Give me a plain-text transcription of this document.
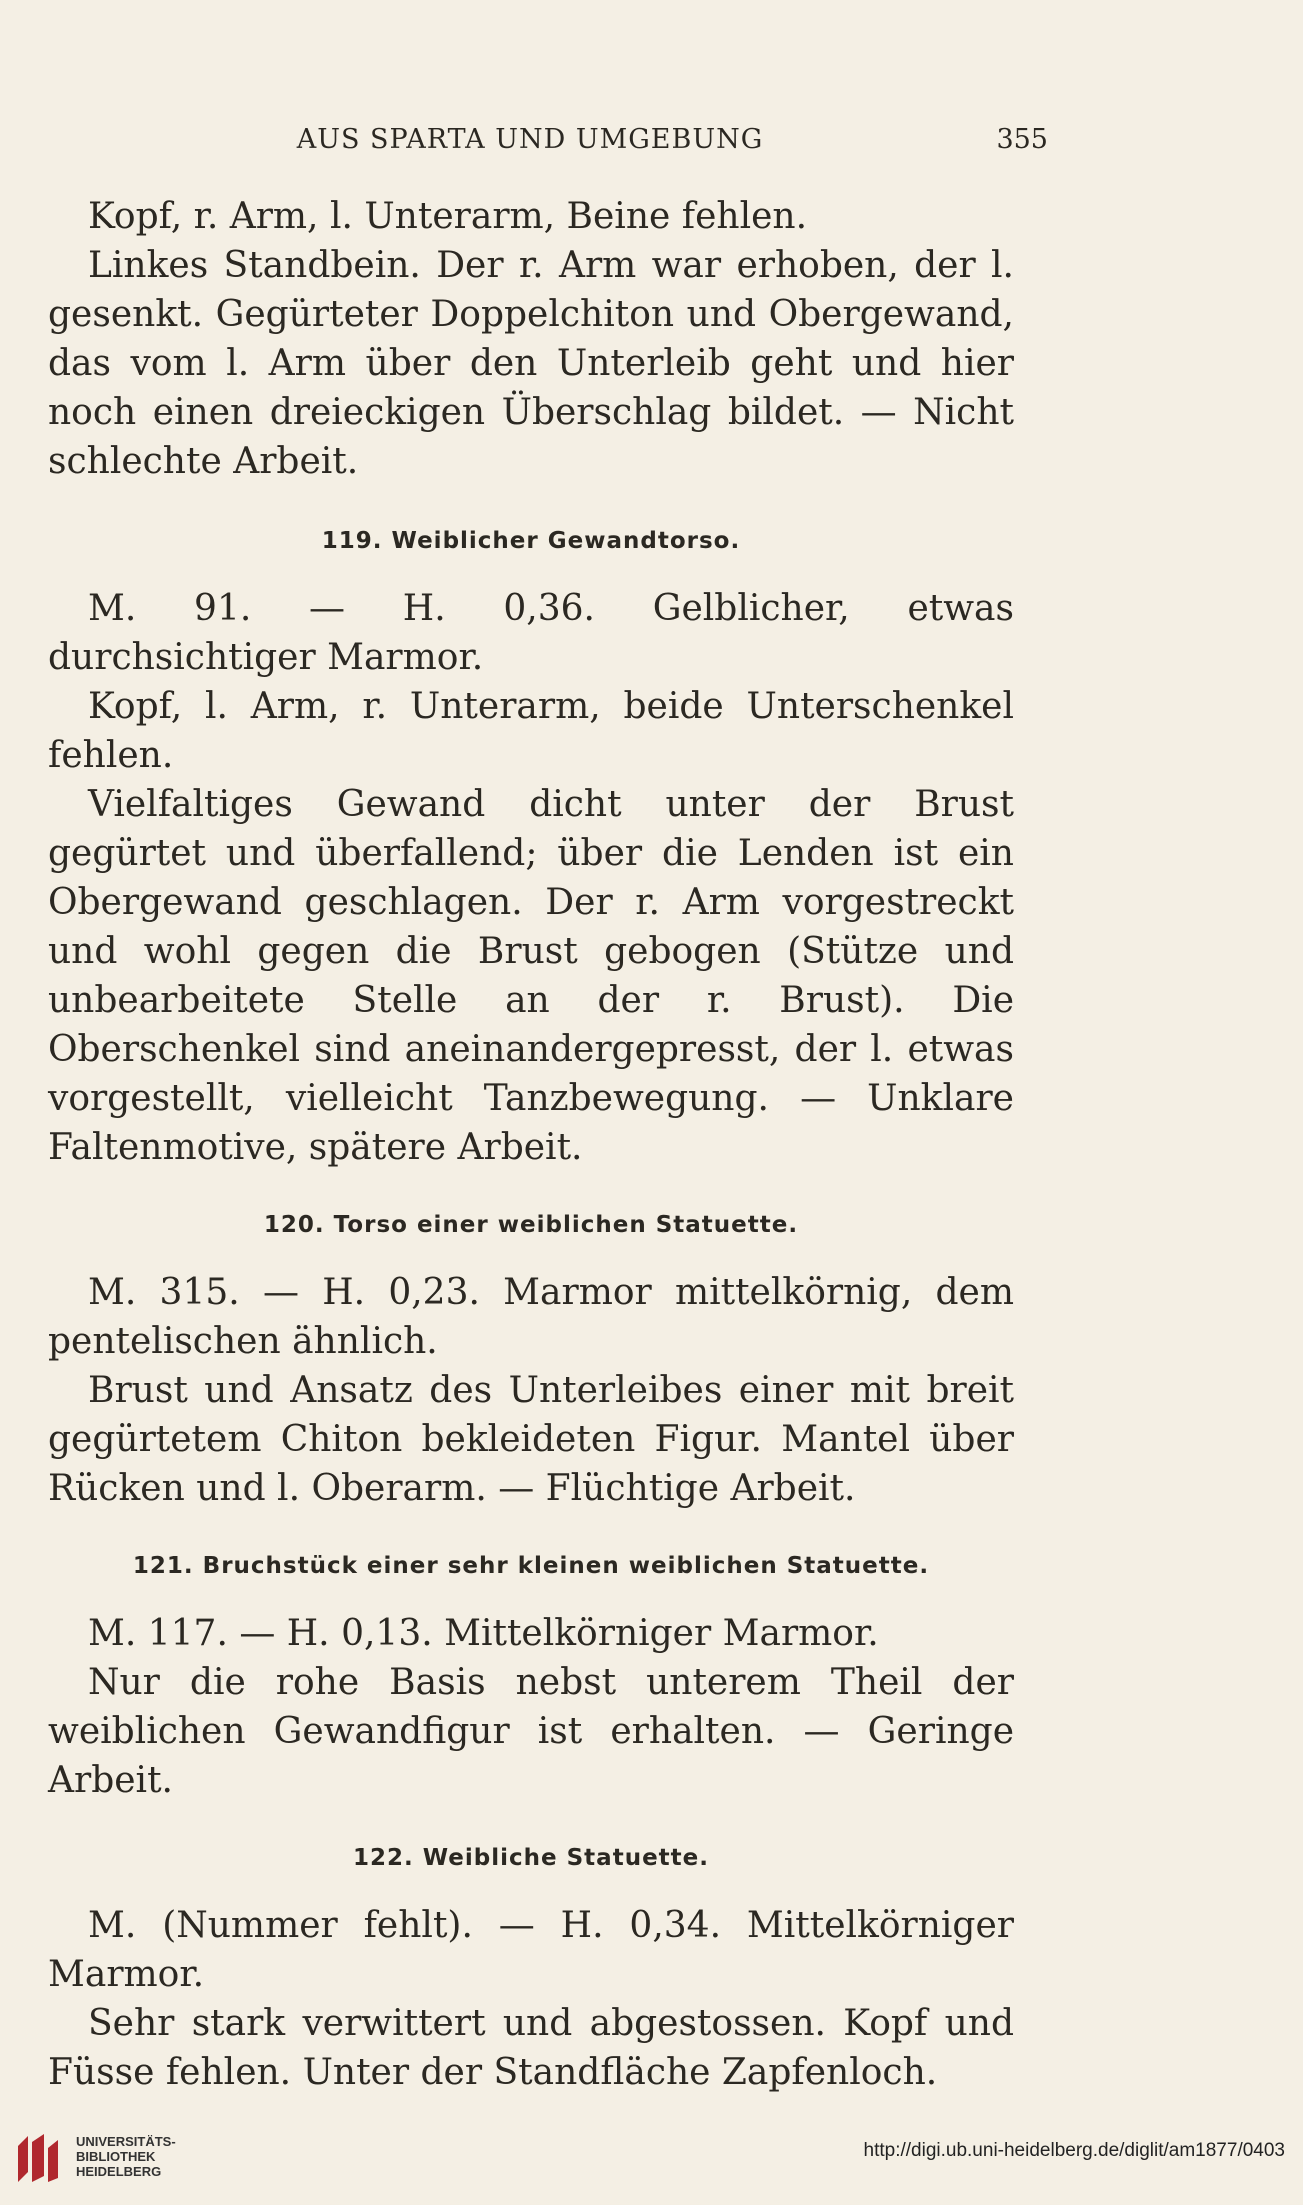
AUS SPARTA UND UMGEBUNG	355

Kopf, r. Arm, l. Unterarm, Beine fehlen.

Linkes Standbein. Der r. Arm war erhoben, der l. gesenkt. Gegürteter Doppelchiton und Obergewand, das vom l. Arm über den Unterleib geht und hier noch einen dreieckigen Überschlag bildet. — Nicht schlechte Arbeit.

119. Weiblicher Gewandtorso.

M. 91. — H. 0,36. Gelblicher, etwas durchsichtiger Marmor.

Kopf, l. Arm, r. Unterarm, beide Unterschenkel fehlen.

Vielfaltiges Gewand dicht unter der Brust gegürtet und überfallend; über die Lenden ist ein Obergewand geschlagen. Der r. Arm vorgestreckt und wohl gegen die Brust gebogen (Stütze und unbearbeitete Stelle an der r. Brust). Die Oberschenkel sind aneinandergepresst, der l. etwas vorgestellt, vielleicht Tanzbewegung. — Unklare Faltenmotive, spätere Arbeit.

120. Torso einer weiblichen Statuette.

M. 315. — H. 0,23. Marmor mittelkörnig, dem pentelischen ähnlich.

Brust und Ansatz des Unterleibes einer mit breit gegürtetem Chiton bekleideten Figur. Mantel über Rücken und l. Oberarm. — Flüchtige Arbeit.

121. Bruchstück einer sehr kleinen weiblichen Statuette.

M. 117. — H. 0,13. Mittelkörniger Marmor.

Nur die rohe Basis nebst unterem Theil der weiblichen Gewandfigur ist erhalten. — Geringe Arbeit.

122. Weibliche Statuette.

M. (Nummer fehlt). — H. 0,34. Mittelkörniger Marmor.

Sehr stark verwittert und abgestossen. Kopf und Füsse fehlen. Unter der Standfläche Zapfenloch.

UNIVERSITÄTS-
BIBLIOTHEK
HEIDELBERG
http://digi.ub.uni-heidelberg.de/diglit/am1877/0403
